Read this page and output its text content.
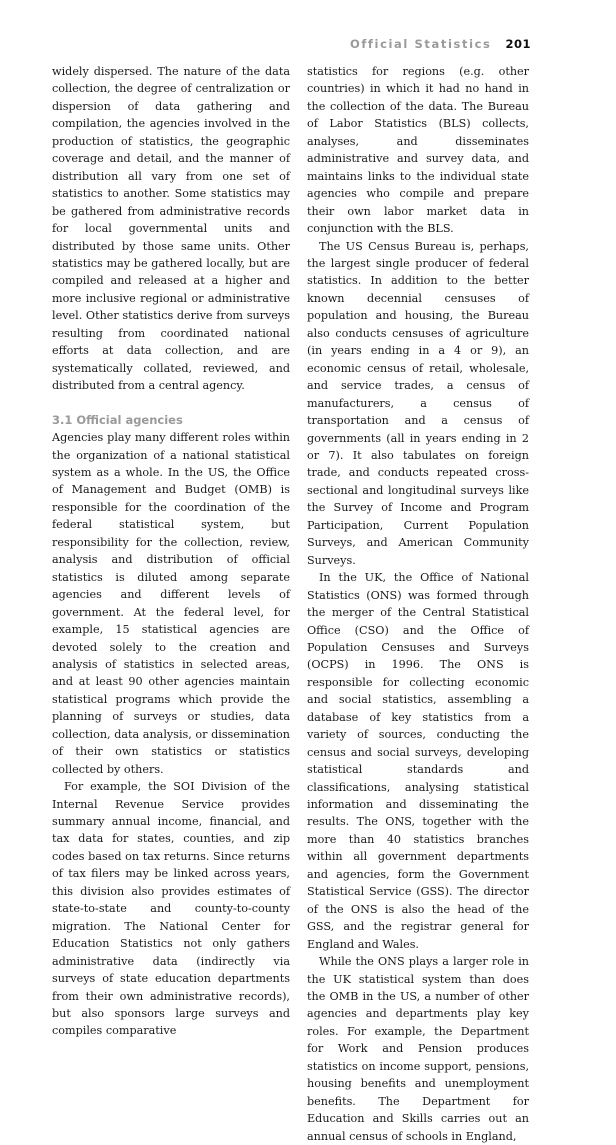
Official Statistics 201

widely dispersed. The nature of the data collection, the degree of centralization or dispersion of data gathering and compilation, the agencies involved in the production of statistics, the geographic coverage and detail, and the manner of distribution all vary from one set of statistics to another. Some statistics may be gathered from administrative records for local governmental units and distributed by those same units. Other statistics may be gathered locally, but are compiled and released at a higher and more inclusive regional or administrative level. Other statistics derive from surveys resulting from coordinated national efforts at data collection, and are systematically collated, reviewed, and distributed from a central agency.

3.1 Official agencies

Agencies play many different roles within the organization of a national statistical system as a whole. In the US, the Office of Management and Budget (OMB) is responsible for the coordination of the federal statistical system, but responsibility for the collection, review, analysis and distribution of official statistics is diluted among separate agencies and different levels of government. At the federal level, for example, 15 statistical agencies are devoted solely to the creation and analysis of statistics in selected areas, and at least 90 other agencies maintain statistical programs which provide the planning of surveys or studies, data collection, data analysis, or dissemination of their own statistics or statistics collected by others.

For example, the SOI Division of the Internal Revenue Service provides summary annual income, financial, and tax data for states, counties, and zip codes based on tax returns. Since returns of tax filers may be linked across years, this division also provides estimates of state-to-state and county-to-county migration. The National Center for Education Statistics not only gathers administrative data (indirectly via surveys of state education departments from their own administrative records), but also sponsors large surveys and compiles comparative

statistics for regions (e.g. other countries) in which it had no hand in the collection of the data. The Bureau of Labor Statistics (BLS) collects, analyses, and disseminates administrative and survey data, and maintains links to the individual state agencies who compile and prepare their own labor market data in conjunction with the BLS.

The US Census Bureau is, perhaps, the largest single producer of federal statistics. In addition to the better known decennial censuses of population and housing, the Bureau also conducts censuses of agriculture (in years ending in a 4 or 9), an economic census of retail, wholesale, and service trades, a census of manufacturers, a census of transportation and a census of governments (all in years ending in 2 or 7). It also tabulates on foreign trade, and conducts repeated cross-sectional and longitudinal surveys like the Survey of Income and Program Participation, Current Population Surveys, and American Community Surveys.

In the UK, the Office of National Statistics (ONS) was formed through the merger of the Central Statistical Office (CSO) and the Office of Population Censuses and Surveys (OCPS) in 1996. The ONS is responsible for collecting economic and social statistics, assembling a database of key statistics from a variety of sources, conducting the census and social surveys, developing statistical standards and classifications, analysing statistical information and disseminating the results. The ONS, together with the more than 40 statistics branches within all government departments and agencies, form the Government Statistical Service (GSS). The director of the ONS is also the head of the GSS, and the registrar general for England and Wales.

While the ONS plays a larger role in the UK statistical system than does the OMB in the US, a number of other agencies and departments play key roles. For example, the Department for Work and Pension produces statistics on income support, pensions, housing benefits and unemployment benefits. The Department for Education and Skills carries out an annual census of schools in England,
